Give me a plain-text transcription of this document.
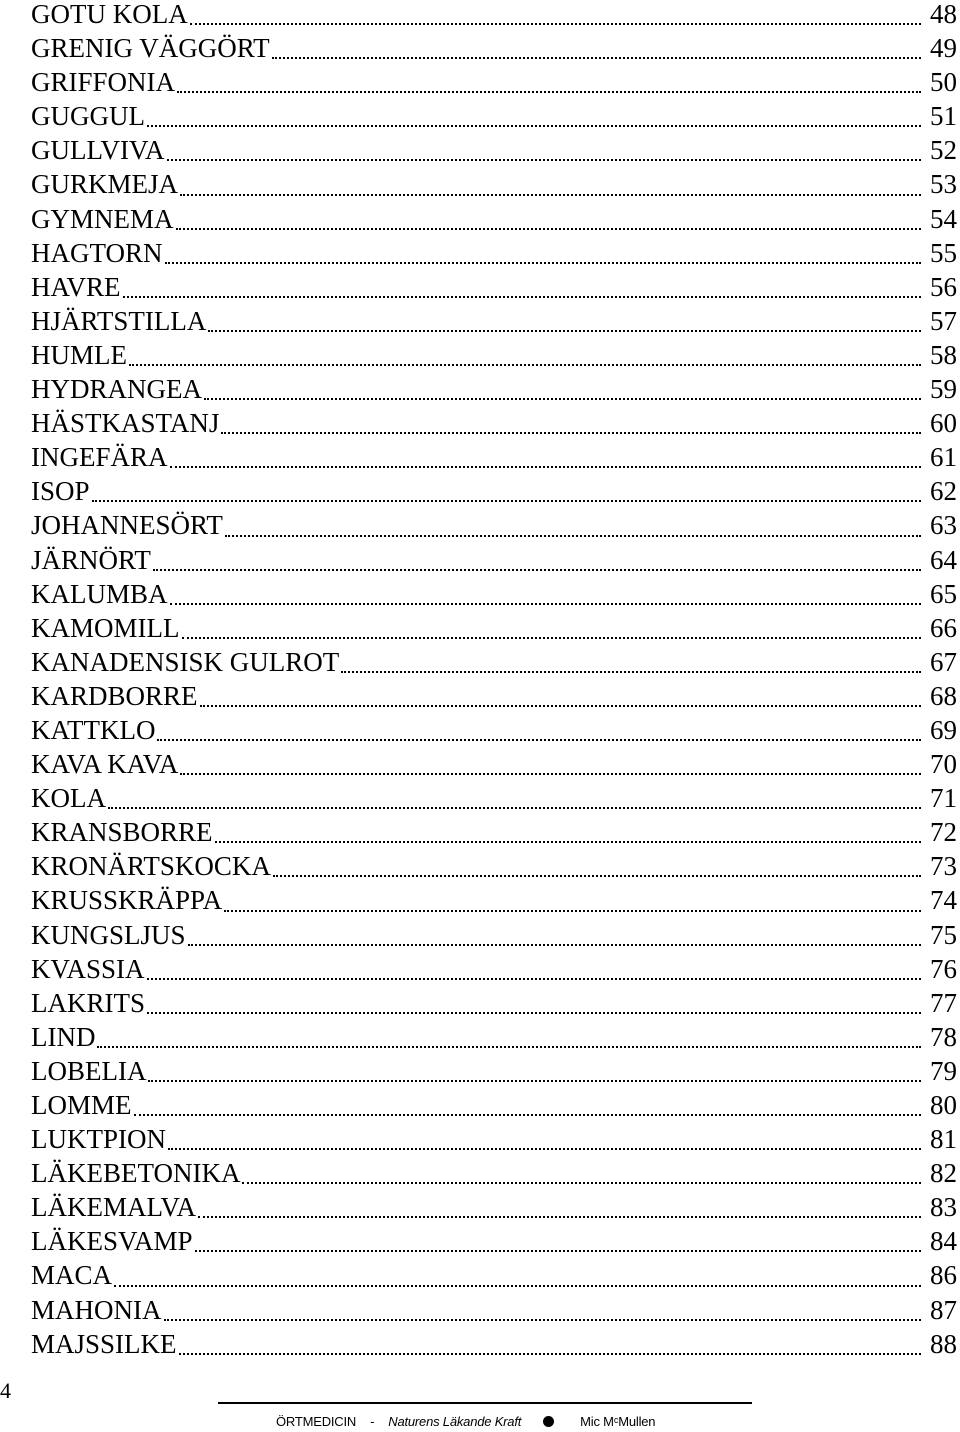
GOTU KOLA	48
GRENIG VÄGGÖRT	49
GRIFFONIA	50
GUGGUL	51
GULLVIVA	52
GURKMEJA	53
GYMNEMA	54
HAGTORN	55
HAVRE	56
HJÄRTSTILLA	57
HUMLE	58
HYDRANGEA	59
HÄSTKASTANJ	60
INGEFÄRA	61
ISOP	62
JOHANNESÖRT	63
JÄRNÖRT	64
KALUMBA	65
KAMOMILL	66
KANADENSISK GULROT	67
KARDBORRE	68
KATTKLO	69
KAVA KAVA	70
KOLA	71
KRANSBORRE	72
KRONÄRTSKOCKA	73
KRUSSKRÄPPA	74
KUNGSLJUS	75
KVASSIA	76
LAKRITS	77
LIND	78
LOBELIA	79
LOMME	80
LUKTPION	81
LÄKEBETONIKA	82
LÄKEMALVA	83
LÄKESVAMP	84
MACA	86
MAHONIA	87
MAJSSILKE	88
4
ÖRTMEDICIN - Naturens Läkande Kraft	Mic MᶜMullen
